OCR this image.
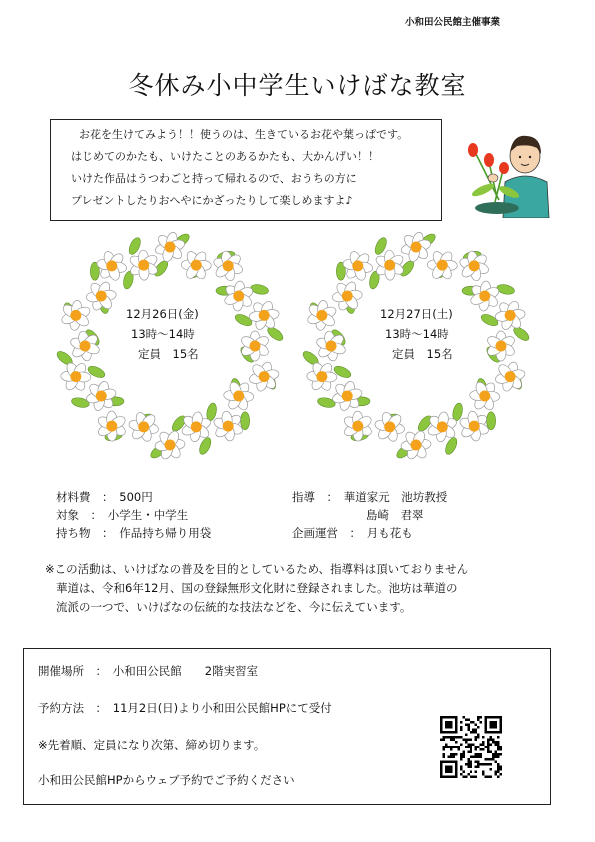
小和田公民館主催事業
冬休み小中学生いけばな教室
お花を生けてみよう！！使うのは、生きているお花や葉っぱです。
はじめてのかたも、いけたことのあるかたも、大かんげい！！
いけた作品はうつわごと持って帰れるので、おうちの方に
プレゼントしたりおへやにかざったりして楽しめますよ♪
12月26日(金)
13時～14時
定員　15名
12月27日(土)
13時～14時
定員　15名
材料費　：　500円
対象　：　小学生・中学生
持ち物　：　作品持ち帰り用袋
指導　：　華道家元　池坊教授
島崎　君翠
企画運営　：　月も花も
※この活動は、いけばなの普及を目的としているため、指導料は頂いておりません
華道は、令和6年12月、国の登録無形文化財に登録されました。池坊は華道の
流派の一つで、いけばなの伝統的な技法などを、今に伝えています。
開催場所　：　小和田公民館　　2階実習室
予約方法　：　11月2日(日)より小和田公民館HPにて受付
※先着順、定員になり次第、締め切ります。
小和田公民館HPからウェブ予約でご予約ください
